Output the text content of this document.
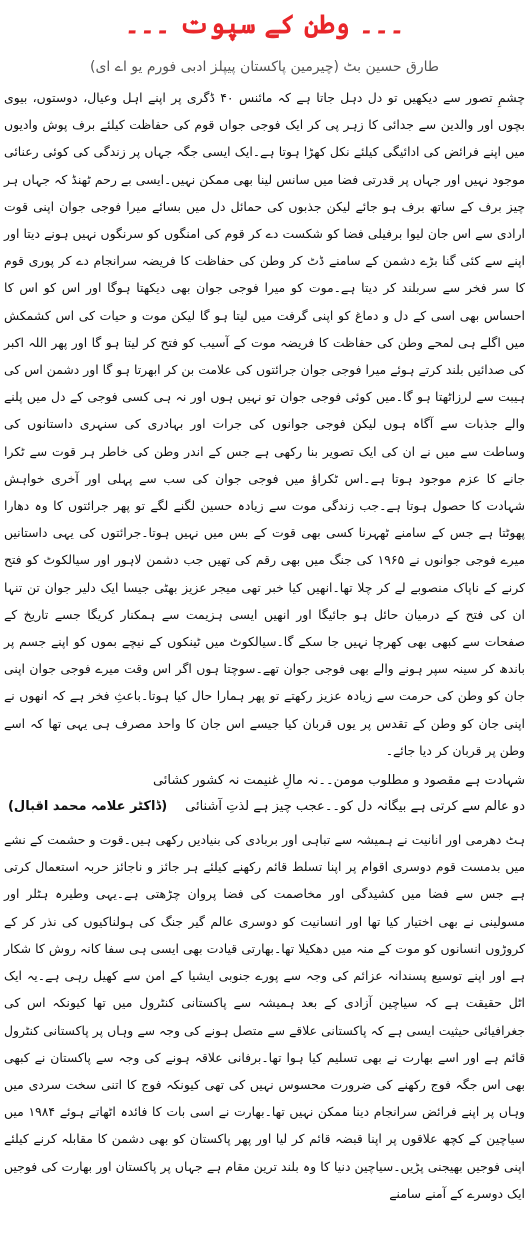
۔۔۔ وطن کے سپوت ۔۔۔
طارق حسین بٹ (چیرمین پاکستان پیپلز ادبی فورم یو اے ای)

چشمِ تصور سے دیکھیں تو دل دہل جاتا ہے کہ مائنس ۴۰ ڈگری پر اپنے اہل وعیال، دوستوں، بیوی بچوں اور والدین سے جدائی کا زہر پی کر ایک فوجی جواں قوم کی حفاظت کیلئے برف پوش وادیوں میں اپنے فرائض کی ادائیگی کیلئے نکل کھڑا ہوتا ہے۔ایک ایسی جگہ جہاں پر زندگی کی کوئی رعنائی موجود نہیں اور جہاں پر قدرتی فضا میں سانس لینا بھی ممکن نہیں۔ایسی بے رحم ٹھنڈ کہ جہاں ہر چیز برف کے ساتھ برف ہو جائے لیکن جذبوں کی حمائل دل میں بسائے میرا فوجی جوان اپنی قوت ارادی سے اس جان لیوا برفیلی فضا کو شکست دے کر قوم کی امنگوں کو سرنگوں نہیں ہونے دیتا اور اپنے سے کئی گنا بڑے دشمن کے سامنے ڈٹ کر وطن کی حفاظت کا فریضہ سرانجام دے کر پوری قوم کا سر فخر سے سربلند کر دیتا ہے۔موت کو میرا فوجی جوان بھی دیکھتا ہوگا اور اس کو اس کا احساس بھی اسی کے دل و دماغ کو اپنی گرفت میں لیتا ہو گا لیکن موت و حیات کی اس کشمکش میں اگلے ہی لمحے وطن کی حفاظت کا فریضہ موت کے آسیب کو فتح کر لیتا ہو گا اور پھر اللہ اکبر کی صدائیں بلند کرتے ہوئے میرا فوجی جوان جرائتوں کی علامت بن کر ابھرتا ہو گا اور دشمن اس کی ہیبت سے لرزاٹھتا ہو گا۔میں کوئی فوجی جوان تو نہیں ہوں اور نہ ہی کسی فوجی کے دل میں پلنے والے جذبات سے آگاہ ہوں لیکن فوجی جوانوں کی جرات اور بہادری کی سنہری داستانوں کی وساطت سے میں نے ان کی ایک تصویر بنا رکھی ہے جس کے اندر وطن کی خاطر ہر قوت سے ٹکرا جانے کا عزم موجود ہوتا ہے۔اس ٹکراؤ میں فوجی جوان کی سب سے پہلی اور آخری خواہش شہادت کا حصول ہوتا ہے۔جب زندگی موت سے زیادہ حسین لگنے لگے تو پھر جرائتوں کا وہ دھارا پھوٹتا ہے جس کے سامنے ٹھہرنا کسی بھی قوت کے بس میں نہیں ہوتا۔جرائتوں کی یہی داستانیں میرے فوجی جوانوں نے ۱۹۶۵ کی جنگ میں بھی رقم کی تھیں جب دشمن لاہور اور سیالکوٹ کو فتح کرنے کے ناپاک منصوبے لے کر چلا تھا۔انھیں کیا خبر تھی میجر عزیز بھٹی جیسا ایک دلیر جوان تن تنہا ان کی فتح کے درمیان حائل ہو جائیگا اور انھیں ایسی ہزیمت سے ہمکنار کریگا جسے تاریخ کے صفحات سے کبھی بھی کھرچا نہیں جا سکے گا۔سیالکوٹ میں ٹینکوں کے نیچے بموں کو اپنے جسم پر باندھ کر سینہ سپر ہونے والے بھی فوجی جوان تھے۔سوچتا ہوں اگر اس وقت میرے فوجی جوان اپنی جان کو وطن کی حرمت سے زیادہ عزیز رکھتے تو پھر ہمارا حال کیا ہوتا۔باعثِ فخر ہے کہ انھوں نے اپنی جان کو وطن کے تقدس پر یوں قربان کیا جیسے اس جان کا واحد مصرف ہی یہی تھا کہ اسے وطن پر قربان کر دیا جائے۔

شہادت ہے مقصود و مطلوب مومن۔۔نہ مالِ غنیمت نہ کشور کشائی

دو عالم سے کرتی ہے بیگانہ دل کو۔۔عجب چیز ہے لذتِ آشنائی
(ڈاکٹر علامہ محمد اقبال)

ہٹ دھرمی اور انانیت نے ہمیشہ سے تباہی اور بربادی کی بنیادیں رکھی ہیں۔قوت و حشمت کے نشے میں بدمست قوم دوسری اقوام پر اپنا تسلط قائم رکھنے کیلئے ہر جائز و ناجائز حربہ استعمال کرتی ہے جس سے فضا میں کشیدگی اور مخاصمت کی فضا پروان چڑھتی ہے۔یہی وطیرہ ہٹلر اور مسولینی نے بھی اختیار کیا تھا اور انسانیت کو دوسری عالم گیر جنگ کی ہولناکیوں کی نذر کر کے کروڑوں انسانوں کو موت کے منہ میں دھکیلا تھا۔بھارتی قیادت بھی ایسی ہی سفا کانہ روش کا شکار ہے اور اپنے توسیع پسندانہ عزائم کی وجہ سے پورے جنوبی ایشیا کے امن سے کھیل رہی ہے۔یہ ایک اٹل حقیقت ہے کہ سیاچین آزادی کے بعد ہمیشہ سے پاکستانی کنٹرول میں تھا کیونکہ اس کی جغرافیائی حیثیت ایسی ہے کہ پاکستانی علاقے سے متصل ہونے کی وجہ سے وہاں پر پاکستانی کنٹرول قائم ہے اور اسے بھارت نے بھی تسلیم کیا ہوا تھا۔برفانی علاقہ ہونے کی وجہ سے پاکستان نے کبھی بھی اس جگہ فوج رکھنے کی ضرورت محسوس نہیں کی تھی کیونکہ فوج کا اتنی سخت سردی میں وہاں پر اپنے فرائض سرانجام دینا ممکن نہیں تھا۔بھارت نے اسی بات کا فائدہ اٹھاتے ہوئے ۱۹۸۴ میں سیاچین کے کچھ علاقوں پر اپنا قبضہ قائم کر لیا اور پھر پاکستان کو بھی دشمن کا مقابلہ کرنے کیلئے اپنی فوجیں بھیجنی پڑیں۔سیاچین دنیا کا وہ بلند ترین مقام ہے جہاں پر پاکستان اور بھارت کی فوجیں ایک دوسرے کے آمنے سامنے
